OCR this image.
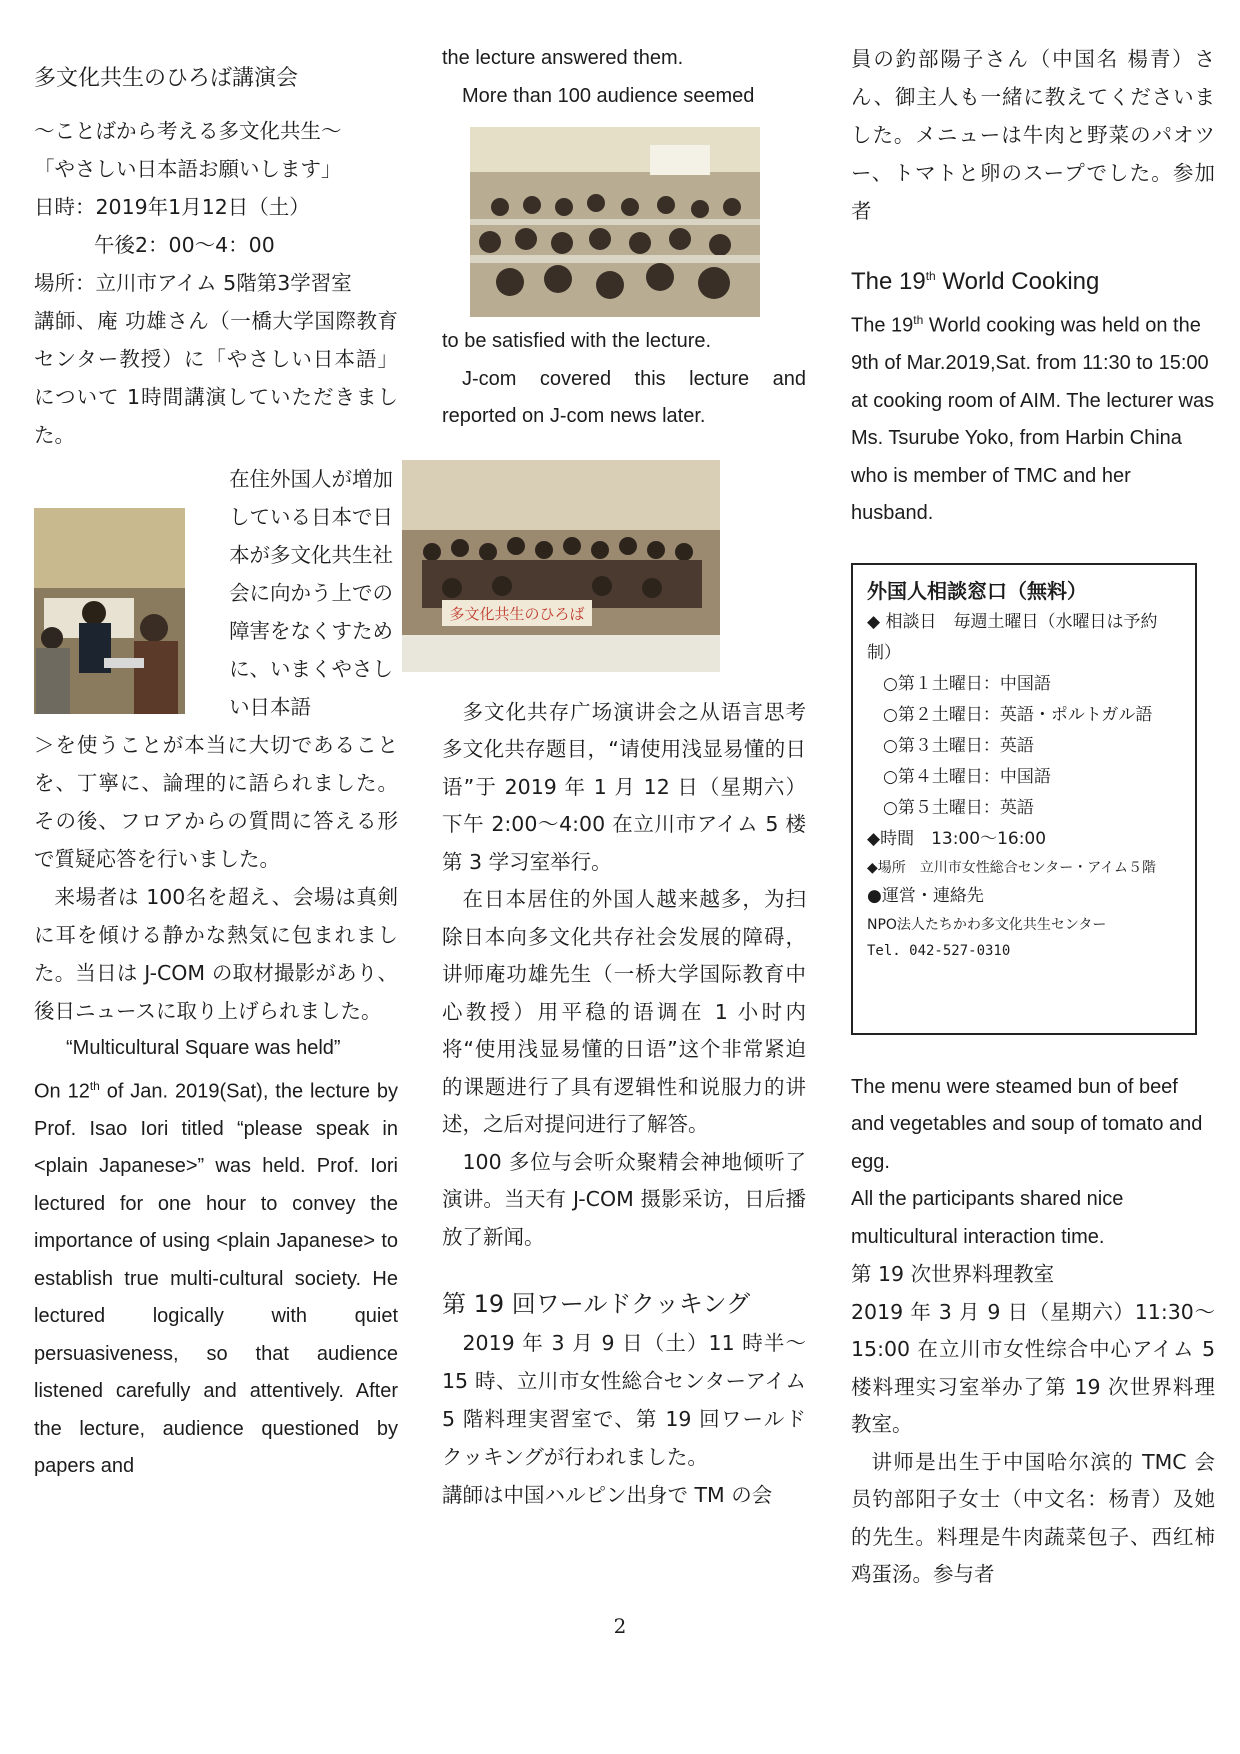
多文化共生のひろば講演会

〜ことばから考える多文化共生〜

「やさしい日本語お願いします」

日時：2019年1月12日（土）

午後2：00〜4：00

場所：立川市アイム 5階第3学習室

講師、庵 功雄さん（一橋大学国際教育センター教授）に「やさしい日本語」について 1時間講演していただきました。

在住外国人が増加している日本で日本が多文化共生社会に向かう上での障害をなくすために、いまくやさしい日本語

＞を使うことが本当に大切であることを、丁寧に、論理的に語られました。その後、フロアからの質問に答える形で質疑応答を行いました。

来場者は 100名を超え、会場は真剣に耳を傾ける静かな熱気に包まれました。当日は J-COM の取材撮影があり、後日ニュースに取り上げられました。

“Multicultural Square was held”

On 12th of Jan. 2019(Sat), the lecture by Prof. Isao Iori titled “please speak in <plain Japanese>” was held. Prof. Iori lectured for one hour to convey the importance of using <plain Japanese> to establish true multi-cultural society. He lectured logically with quiet persuasiveness, so that audience listened carefully and attentively. After the lecture, audience questioned by papers and

the lecture answered them.

More than 100 audience seemed

to be satisfied with the lecture.

J-com covered this lecture and reported on J-com news later.

多文化共生のひろば

多文化共存广场演讲会之从语言思考多文化共存题目，“请使用浅显易懂的日语”于 2019 年 1 月 12 日（星期六）下午 2:00〜4:00 在立川市アイム 5 楼第 3 学习室举行。

在日本居住的外国人越来越多，为扫除日本向多文化共存社会发展的障碍，讲师庵功雄先生（一桥大学国际教育中心教授）用平稳的语调在 1 小时内将“使用浅显易懂的日语”这个非常紧迫的课题进行了具有逻辑性和说服力的讲述，之后对提问进行了解答。

100 多位与会听众聚精会神地倾听了演讲。当天有 J-COM 摄影采访，日后播放了新闻。

第 19 回ワールドクッキング

2019 年 3 月 9 日（土）11 時半〜15 時、立川市女性総合センターアイム 5 階料理実習室で、第 19 回ワールドクッキングが行われました。

講師は中国ハルピン出身で TM の会

員の釣部陽子さん（中国名 楊青）さん、御主人も一緒に教えてくださいました。メニューは牛肉と野菜のパオツー、トマトと卵のスープでした。参加者

The 19th World Cooking

The 19th World cooking was held on the 9th of Mar.2019,Sat. from 11:30 to 15:00 at cooking room of AIM. The lecturer was Ms. Tsurube Yoko, from Harbin China who is member of TMC and her husband.

外国人相談窓口（無料）
◆ 相談日　毎週土曜日（水曜日は予約制）
○第１土曜日：中国語
○第２土曜日：英語・ポルトガル語
○第３土曜日：英語
○第４土曜日：中国語
○第５土曜日：英語
◆時間　13:00〜16:00
◆場所　立川市女性総合センター・アイム５階
●運営・連絡先
NPO法人たちかわ多文化共生センター
Tel. 042-527-0310

The menu were steamed bun of beef and vegetables and soup of tomato and egg.

All the participants shared nice multicultural interaction time.

第 19 次世界料理教室

2019 年 3 月 9 日（星期六）11:30〜15:00 在立川市女性综合中心アイム 5 楼料理实习室举办了第 19 次世界料理教室。

讲师是出生于中国哈尔滨的 TMC 会员钓部阳子女士（中文名：杨青）及她的先生。料理是牛肉蔬菜包子、西红柿鸡蛋汤。参与者

2
